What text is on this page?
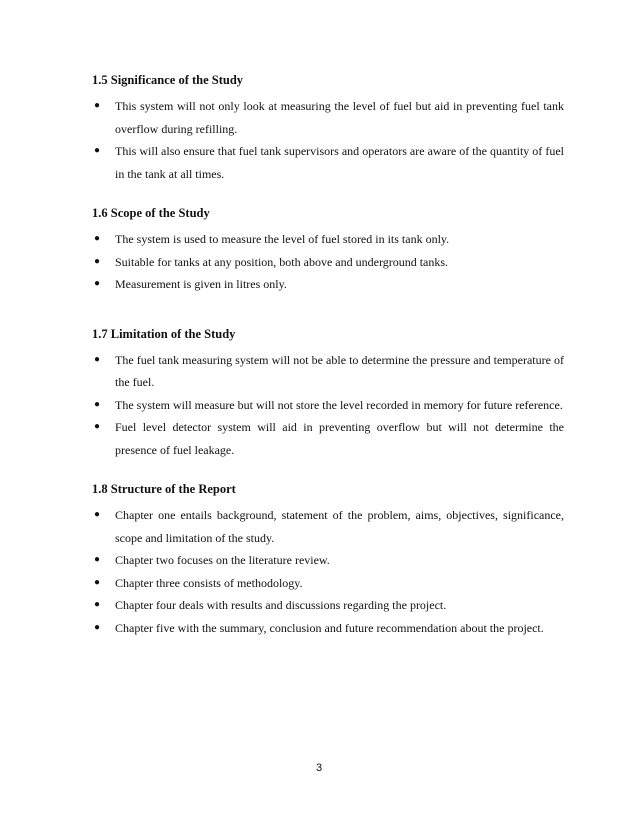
1.5 Significance of the Study
● This system will not only look at measuring the level of fuel but aid in preventing fuel tank overflow during refilling.
● This will also ensure that fuel tank supervisors and operators are aware of the quantity of fuel in the tank at all times.
1.6 Scope of the Study
● The system is used to measure the level of fuel stored in its tank only.
● Suitable for tanks at any position, both above and underground tanks.
● Measurement is given in litres only.
1.7 Limitation of the Study
● The fuel tank measuring system will not be able to determine the pressure and temperature of the fuel.
● The system will measure but will not store the level recorded in memory for future reference.
● Fuel level detector system will aid in preventing overflow but will not determine the presence of fuel leakage.
1.8 Structure of the Report
● Chapter one entails background, statement of the problem, aims, objectives, significance, scope and limitation of the study.
● Chapter two focuses on the literature review.
● Chapter three consists of methodology.
● Chapter four deals with results and discussions regarding the project.
● Chapter five with the summary, conclusion and future recommendation about the project.
3
